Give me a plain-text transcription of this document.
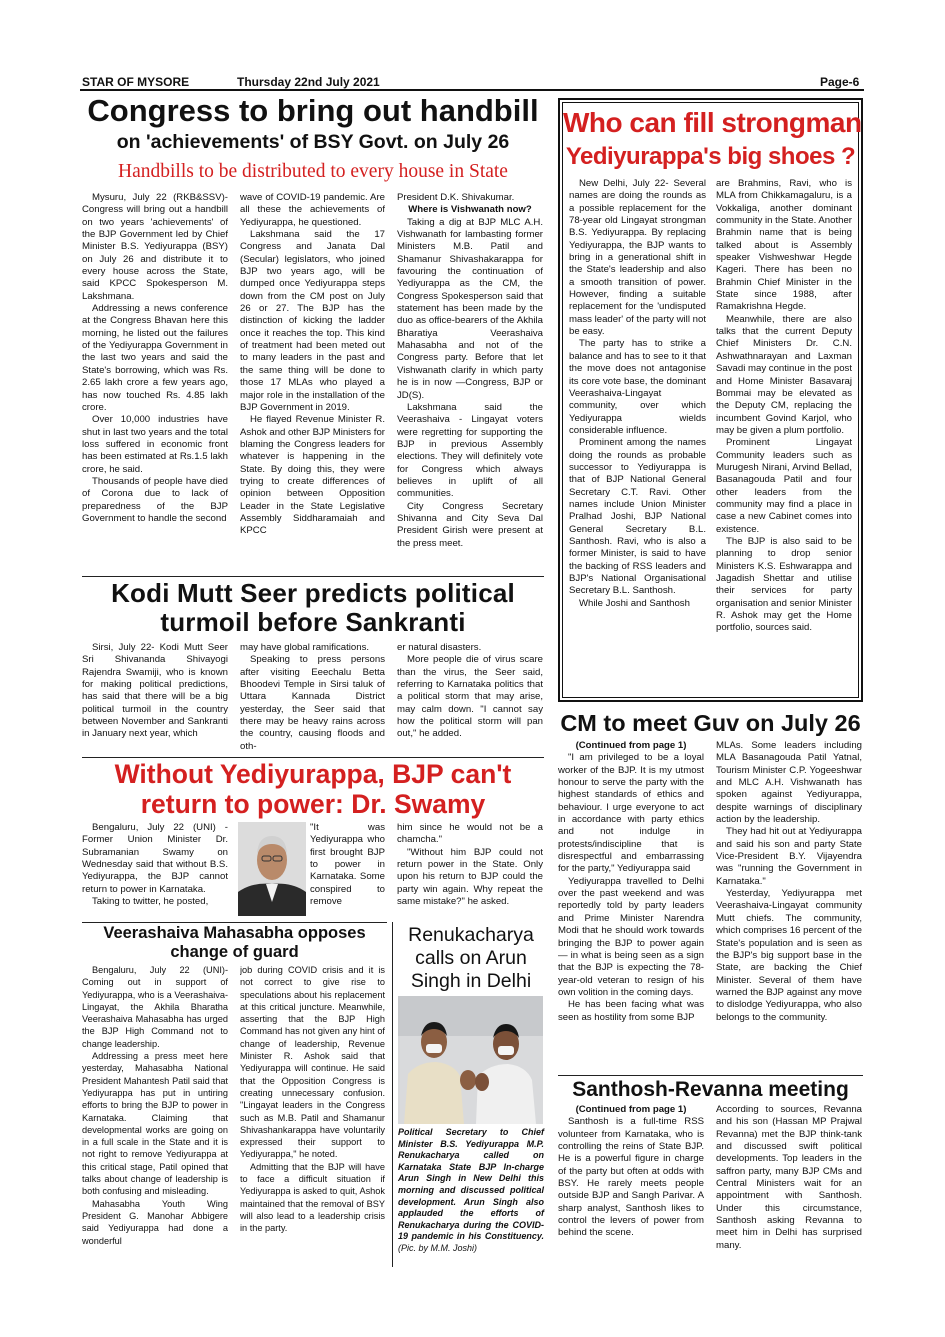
STAR OF MYSORE	Thursday 22nd July 2021	Page-6
Congress to bring out handbill
on 'achievements' of BSY Govt. on July 26
Handbills to be distributed to every house in State

Mysuru, July 22 (RKB&SSV)- Congress will bring out a handbill on two years 'achievements' of the BJP Government led by Chief Minister B.S. Yediyurappa (BSY) on July 26 and distribute it to every house across the State, said KPCC Spokesperson M. Lakshmana.

Addressing a news conference at the Congress Bhavan here this morning, he listed out the failures of the Yediyurappa Government in the last two years and said the State's borrowing, which was Rs. 2.65 lakh crore a few years ago, has now touched Rs. 4.85 lakh crore.

Over 10,000 industries have shut in last two years and the total loss suffered in economic front has been estimated at Rs.1.5 lakh crore, he said.

Thousands of people have died of Corona due to lack of preparedness of the BJP Government to handle the second

wave of COVID-19 pandemic. Are all these the achievements of Yediyurappa, he questioned.

Lakshmana said the 17 Congress and Janata Dal (Secular) legislators, who joined BJP two years ago, will be dumped once Yediyurappa steps down from the CM post on July 26 or 27. The BJP has the distinction of kicking the ladder once it reaches the top. This kind of treatment had been meted out to many leaders in the past and the same thing will be done to those 17 MLAs who played a major role in the installation of the BJP Government in 2019.

He flayed Revenue Minister R. Ashok and other BJP Ministers for blaming the Congress leaders for whatever is happening in the State. By doing this, they were trying to create differences of opinion between Opposition Leader in the State Legislative Assembly Siddharamaiah and KPCC

President D.K. Shivakumar.

Where is Vishwanath now?

Taking a dig at BJP MLC A.H. Vishwanath for lambasting former Ministers M.B. Patil and Shamanur Shivashakarappa for favouring the continuation of Yediyurappa as the CM, the Congress Spokesperson said that statement has been made by the duo as office-bearers of the Akhila Bharatiya Veerashaiva Mahasabha and not of the Congress party. Before that let Vishwanath clarify in which party he is in now —Congress, BJP or JD(S).

Lakshmana said the Veerashaiva - Lingayat voters were regretting for supporting the BJP in previous Assembly elections. They will definitely vote for Congress which always believes in uplift of all communities.

City Congress Secretary Shivanna and City Seva Dal President Girish were present at the press meet.

Who can fill strongman
Yediyurappa's big shoes ?

New Delhi, July 22- Several names are doing the rounds as a possible replacement for the 78-year old Lingayat strongman B.S. Yediyurappa. By replacing Yediyurappa, the BJP wants to bring in a generational shift in the State's leadership and also a smooth transition of power. However, finding a suitable replacement for the 'undisputed mass leader' of the party will not be easy.

The party has to strike a balance and has to see to it that the move does not antagonise its core vote base, the dominant Veerashaiva-Lingayat community, over which Yediyurappa wields considerable influence.

Prominent among the names doing the rounds as probable successor to Yediyurappa is that of BJP National General Secretary C.T. Ravi. Other names include Union Minister Pralhad Joshi, BJP National General Secretary B.L. Santhosh. Ravi, who is also a former Minister, is said to have the backing of RSS leaders and BJP's National Organisational Secretary B.L. Santhosh.

While Joshi and Santhosh

are Brahmins, Ravi, who is MLA from Chikkamagaluru, is a Vokkaliga, another dominant community in the State. Another Brahmin name that is being talked about is Assembly speaker Vishweshwar Hegde Kageri. There has been no Brahmin Chief Minister in the State since 1988, after Ramakrishna Hegde.

Meanwhile, there are also talks that the current Deputy Chief Ministers Dr. C.N. Ashwathnarayan and Laxman Savadi may continue in the post and Home Minister Basavaraj Bommai may be elevated as the Deputy CM, replacing the incumbent Govind Karjol, who may be given a plum portfolio.

Prominent Lingayat Community leaders such as Murugesh Nirani, Arvind Bellad, Basanagouda Patil and four other leaders from the community may find a place in case a new Cabinet comes into existence.

The BJP is also said to be planning to drop senior Ministers K.S. Eshwarappa and Jagadish Shettar and utilise their services for party organisation and senior Minister R. Ashok may get the Home portfolio, sources said.

Kodi Mutt Seer predicts political
turmoil before Sankranti

Sirsi, July 22- Kodi Mutt Seer Sri Shivananda Shivayogi Rajendra Swamiji, who is known for making political predictions, has said that there will be a big political turmoil in the country between November and Sankranti in January next year, which

may have global ramifications.

Speaking to press persons after visiting Eeechalu Betta Bhoodevi Temple in Sirsi taluk of Uttara Kannada District yesterday, the Seer said that there may be heavy rains across the country, causing floods and oth-

er natural disasters.

More people die of virus scare than the virus, the Seer said, referring to Karnataka politics that a political storm that may arise, may calm down. "I cannot say how the political storm will pan out," he added.

Without Yediyurappa, BJP can't
return to power: Dr. Swamy

Bengaluru, July 22 (UNI) - Former Union Minister Dr. Subramanian Swamy on Wednesday said that without B.S. Yediyurappa, the BJP cannot return to power in Karnataka.

Taking to twitter, he posted,

"It was Yediyurappa who first brought BJP to power in Karnataka. Some conspired to remove

him since he would not be a chamcha."

"Without him BJP could not return power in the State. Only upon his return to BJP could the party win again. Why repeat the same mistake?" he asked.

Veerashaiva Mahasabha opposes
change of guard

Bengaluru, July 22 (UNI)- Coming out in support of Yediyurappa, who is a Veerashaiva-Lingayat, the Akhila Bharatha Veerashaiva Mahasabha has urged the BJP High Command not to change leadership.

Addressing a press meet here yesterday, Mahasabha National President Mahantesh Patil said that Yediyurappa has put in untiring efforts to bring the BJP to power in Karnataka. Claiming that developmental works are going on in a full scale in the State and it is not right to remove Yediyurappa at this critical stage, Patil opined that talks about change of leadership is both confusing and misleading.

Mahasabha Youth Wing President G. Manohar Abbigere said Yediyurappa had done a wonderful

job during COVID crisis and it is not correct to give rise to speculations about his replacement at this critical juncture. Meanwhile, asserting that the BJP High Command has not given any hint of change of leadership, Revenue Minister R. Ashok said that Yediyurappa will continue. He said that the Opposition Congress is creating unnecessary confusion. "Lingayat leaders in the Congress such as M.B. Patil and Shamanur Shivashankarappa have voluntarily expressed their support to Yediyurappa," he noted.

Admitting that the BJP will have to face a difficult situation if Yediyurappa is asked to quit, Ashok maintained that the removal of BSY will also lead to a leadership crisis in the party.

Renukacharya
calls on Arun
Singh in Delhi
Political Secretary to Chief Minister B.S. Yediyurappa M.P. Renukacharya called on Karnataka State BJP In-charge Arun Singh in New Delhi this morning and discussed political development. Arun Singh also applauded the efforts of Renukacharya during the COVID-19 pandemic in his Constituency. (Pic. by M.M. Joshi)
CM to meet Guv on July 26

(Continued from page 1)

"I am privileged to be a loyal worker of the BJP. It is my utmost honour to serve the party with the highest standards of ethics and behaviour. I urge everyone to act in accordance with party ethics and not indulge in protests/indiscipline that is disrespectful and embarrassing for the party," Yediyurappa said

Yediyurappa travelled to Delhi over the past weekend and was reportedly told by party leaders and Prime Minister Narendra Modi that he should work towards bringing the BJP to power again — in what is being seen as a sign that the BJP is expecting the 78-year-old veteran to resign of his own volition in the coming days.

He has been facing what was seen as hostility from some BJP

MLAs. Some leaders including MLA Basanagouda Patil Yatnal, Tourism Minister C.P. Yogeeshwar and MLC A.H. Vishwanath has spoken against Yediyurappa, despite warnings of disciplinary action by the leadership.

They had hit out at Yediyurappa and said his son and party State Vice-President B.Y. Vijayendra was "running the Government in Karnataka."

Yesterday, Yediyurappa met Veerashaiva-Lingayat community Mutt chiefs. The community, which comprises 16 percent of the State's population and is seen as the BJP's big support base in the State, are backing the Chief Minister. Several of them have warned the BJP against any move to dislodge Yediyurappa, who also belongs to the community.

Santhosh-Revanna meeting

(Continued from page 1)

Santhosh is a full-time RSS volunteer from Karnataka, who is controlling the reins of State BJP. He is a powerful figure in charge of the party but often at odds with BSY. He rarely meets people outside BJP and Sangh Parivar. A sharp analyst, Santhosh likes to control the levers of power from behind the scene.

According to sources, Revanna and his son (Hassan MP Prajwal Revanna) met the BJP think-tank and discussed swift political developments. Top leaders in the saffron party, many BJP CMs and Central Ministers wait for an appointment with Santhosh. Under this circumstance, Santhosh asking Revanna to meet him in Delhi has surprised many.
